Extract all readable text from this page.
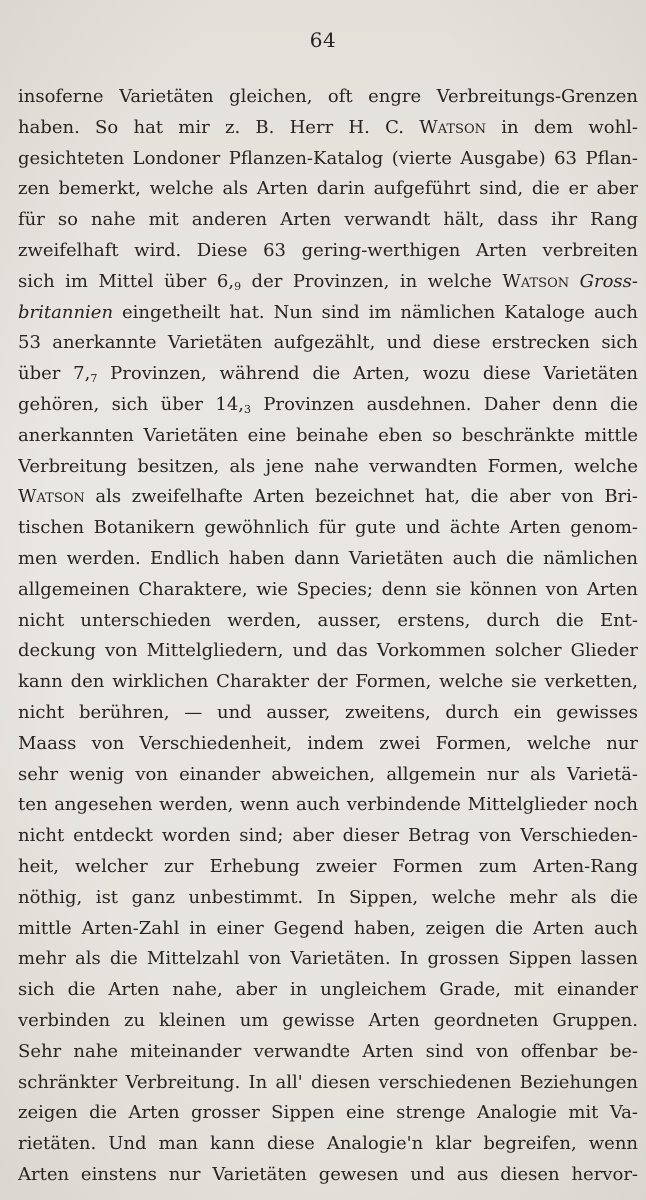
64
insoferne Varietäten gleichen, oft engre Verbreitungs-Grenzen
haben. So hat mir z. B. Herr H. C. Watson in dem wohl-
gesichteten Londoner Pflanzen-Katalog (vierte Ausgabe) 63 Pflan-
zen bemerkt, welche als Arten darin aufgeführt sind, die er aber
für so nahe mit anderen Arten verwandt hält, dass ihr Rang
zweifelhaft wird. Diese 63 gering-werthigen Arten verbreiten
sich im Mittel über $6,_9$ der Provinzen, in welche Watson Gross-
britannien eingetheilt hat. Nun sind im nämlichen Kataloge auch
53 anerkannte Varietäten aufgezählt, und diese erstrecken sich
über $7,_7$ Provinzen, während die Arten, wozu diese Varietäten
gehören, sich über $14,_3$ Provinzen ausdehnen. Daher denn die
anerkannten Varietäten eine beinahe eben so beschränkte mittle
Verbreitung besitzen, als jene nahe verwandten Formen, welche
Watson als zweifelhafte Arten bezeichnet hat, die aber von Bri-
tischen Botanikern gewöhnlich für gute und ächte Arten genom-
men werden. Endlich haben dann Varietäten auch die nämlichen
allgemeinen Charaktere, wie Species; denn sie können von Arten
nicht unterschieden werden, ausser, erstens, durch die Ent-
deckung von Mittelgliedern, und das Vorkommen solcher Glieder
kann den wirklichen Charakter der Formen, welche sie verketten,
nicht berühren, — und ausser, zweitens, durch ein gewisses
Maass von Verschiedenheit, indem zwei Formen, welche nur
sehr wenig von einander abweichen, allgemein nur als Varietä-
ten angesehen werden, wenn auch verbindende Mittelglieder noch
nicht entdeckt worden sind; aber dieser Betrag von Verschieden-
heit, welcher zur Erhebung zweier Formen zum Arten-Rang
nöthig, ist ganz unbestimmt. In Sippen, welche mehr als die
mittle Arten-Zahl in einer Gegend haben, zeigen die Arten auch
mehr als die Mittelzahl von Varietäten. In grossen Sippen lassen
sich die Arten nahe, aber in ungleichem Grade, mit einander
verbinden zu kleinen um gewisse Arten geordneten Gruppen.
Sehr nahe miteinander verwandte Arten sind von offenbar be-
schränkter Verbreitung. In all' diesen verschiedenen Beziehungen
zeigen die Arten grosser Sippen eine strenge Analogie mit Va-
rietäten. Und man kann diese Analogie'n klar begreifen, wenn
Arten einstens nur Varietäten gewesen und aus diesen hervor-
